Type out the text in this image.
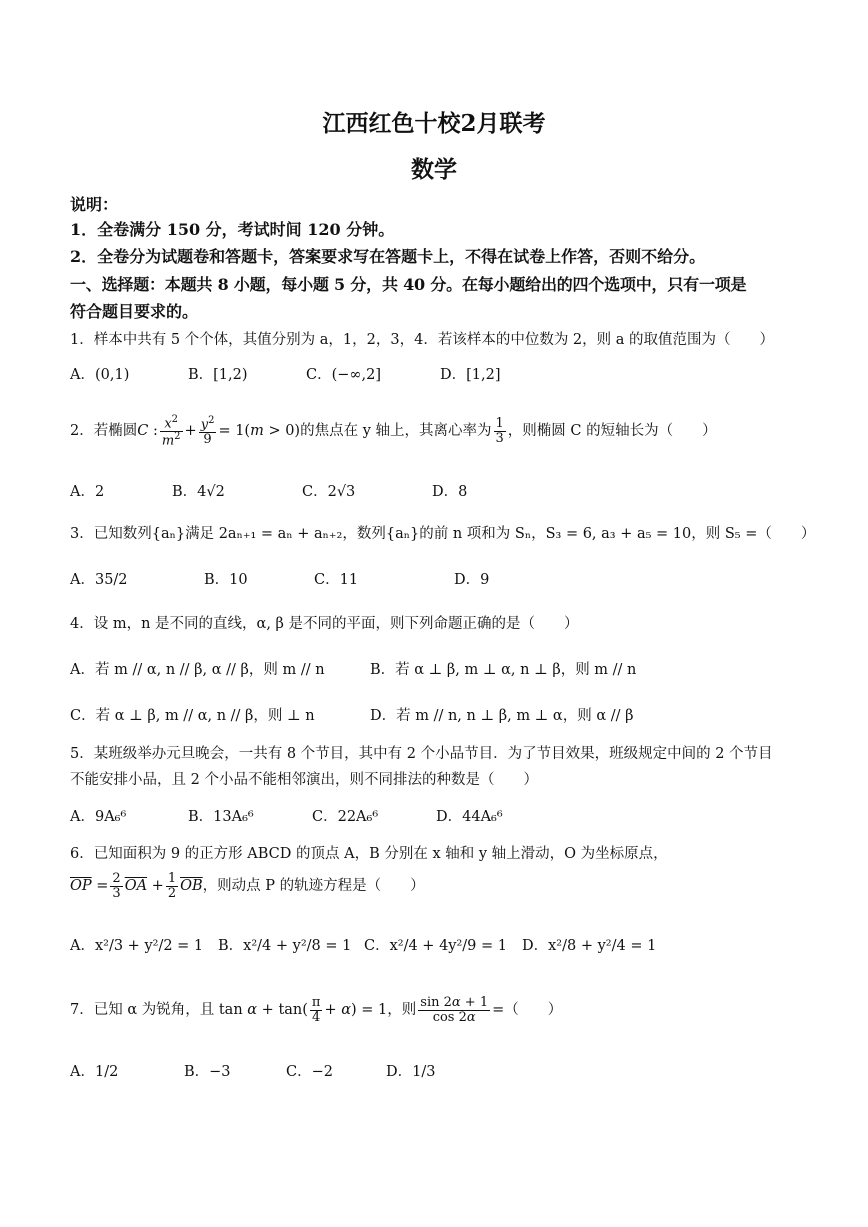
江西红色十校2月联考
数学
说明：
1．全卷满分 150 分，考试时间 120 分钟。
2．全卷分为试题卷和答题卡，答案要求写在答题卡上，不得在试卷上作答，否则不给分。
一、选择题：本题共 8 小题，每小题 5 分，共 40 分。在每小题给出的四个选项中，只有一项是
符合题目要求的。
1．样本中共有 5 个个体，其值分别为 a，1，2，3，4．若该样本的中位数为 2，则 a 的取值范围为（　　）
A．(0,1)	B．[1,2)	C．(−∞,2]	D．[1,2]
2．若椭圆C : $\frac{x^2}{m^2} + \frac{y^2}{9} = 1(m > 0)$的焦点在 y 轴上，其离心率为 $\frac{1}{3}$ ，则椭圆 C 的短轴长为（　　）
A．2	B．4√2	C．2√3	D．8
3．已知数列{aₙ}满足 2aₙ₊₁ = aₙ + aₙ₊₂，数列{aₙ}的前 n 项和为 Sₙ，S₃ = 6, a₃ + a₅ = 10，则 S₅ =（　　）
A．35/2	B．10	C．11	D．9
4．设 m，n 是不同的直线，α, β 是不同的平面，则下列命题正确的是（　　）
A．若 m // α, n // β, α // β，则 m // n	B．若 α ⊥ β, m ⊥ α, n ⊥ β，则 m // n
C．若 α ⊥ β, m // α, n // β，则 ⊥ n	D．若 m // n, n ⊥ β, m ⊥ α，则 α // β
5．某班级举办元旦晚会，一共有 8 个节目，其中有 2 个小品节目．为了节目效果，班级规定中间的 2 个节目
不能安排小品，且 2 个小品不能相邻演出，则不同排法的种数是（　　）
A．9A₆⁶	B．13A₆⁶	C．22A₆⁶	D．44A₆⁶
6．已知面积为 9 的正方形 ABCD 的顶点 A，B 分别在 x 轴和 y 轴上滑动，O 为坐标原点，
$\overline{OP} = \frac{2}{3} \overline{OA} + \frac{1}{2} \overline{OB}$，则动点 P 的轨迹方程是（　　）
A．x²/3 + y²/2 = 1 B．x²/4 + y²/8 = 1 C．x²/4 + 4y²/9 = 1 D．x²/8 + y²/4 = 1
7．已知 α 为锐角，且 $\tan \alpha + \tan( \frac{\pi}{4} + \alpha) = 1$，则 $\frac{\sin 2\alpha + 1}{\cos 2\alpha}$ =（　　）
A．1/2	B．−3	C．−2	D．1/3
